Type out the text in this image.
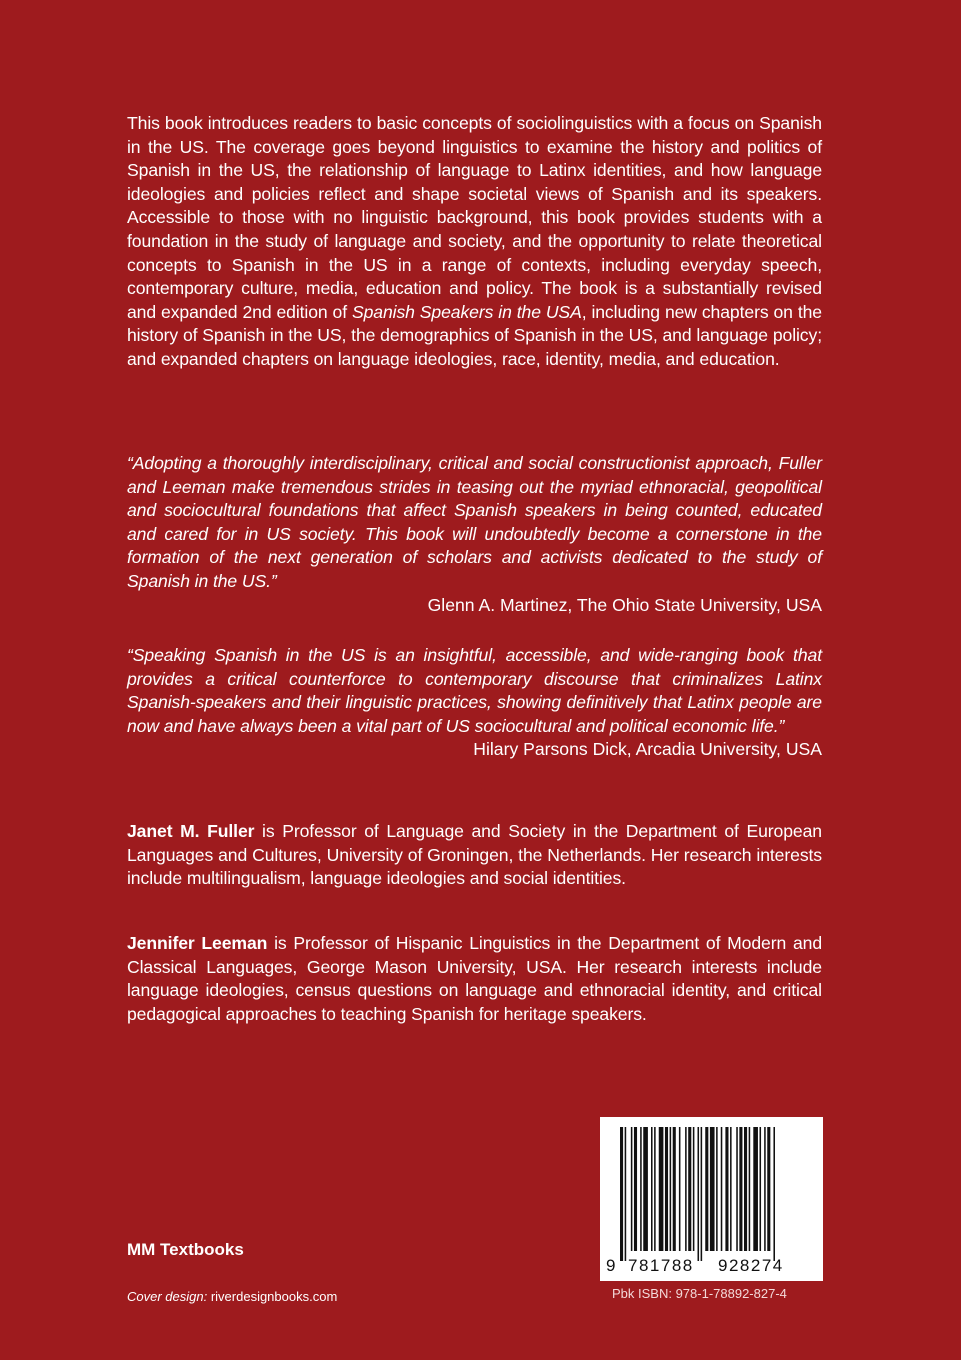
This book introduces readers to basic concepts of sociolinguistics with a focus on Spanish in the US. The coverage goes beyond linguistics to examine the history and politics of Spanish in the US, the relationship of language to Latinx identities, and how language ideologies and policies reflect and shape societal views of Spanish and its speakers. Accessible to those with no linguistic background, this book provides students with a foundation in the study of language and society, and the opportunity to relate theoretical concepts to Spanish in the US in a range of contexts, including everyday speech, contemporary culture, media, education and policy. The book is a substantially revised and expanded 2nd edition of Spanish Speakers in the USA, including new chapters on the history of Spanish in the US, the demographics of Spanish in the US, and language policy; and expanded chapters on language ideologies, race, identity, media, and education.

“Adopting a thoroughly interdisciplinary, critical and social constructionist approach, Fuller and Leeman make tremendous strides in teasing out the myriad ethnoracial, geopolitical and sociocultural foundations that affect Spanish speakers in being counted, educated and cared for in US society. This book will undoubtedly become a cornerstone in the formation of the next generation of scholars and activists dedicated to the study of Spanish in the US.”

Glenn A. Martinez, The Ohio State University, USA

“Speaking Spanish in the US is an insightful, accessible, and wide-ranging book that provides a critical counterforce to contemporary discourse that criminalizes Latinx Spanish-speakers and their linguistic practices, showing definitively that Latinx people are now and have always been a vital part of US sociocultural and political economic life.”

Hilary Parsons Dick, Arcadia University, USA

Janet M. Fuller is Professor of Language and Society in the Department of European Languages and Cultures, University of Groningen, the Netherlands. Her research interests include multilingualism, language ideologies and social identities.

Jennifer Leeman is Professor of Hispanic Linguistics in the Department of Modern and Classical Languages, George Mason University, USA. Her research interests include language ideologies, census questions on language and ethnoracial identity, and critical pedagogical approaches to teaching Spanish for heritage speakers.

9 781788 928274
MM Textbooks
Cover design: riverdesignbooks.com	Pbk ISBN: 978-1-78892-827-4
